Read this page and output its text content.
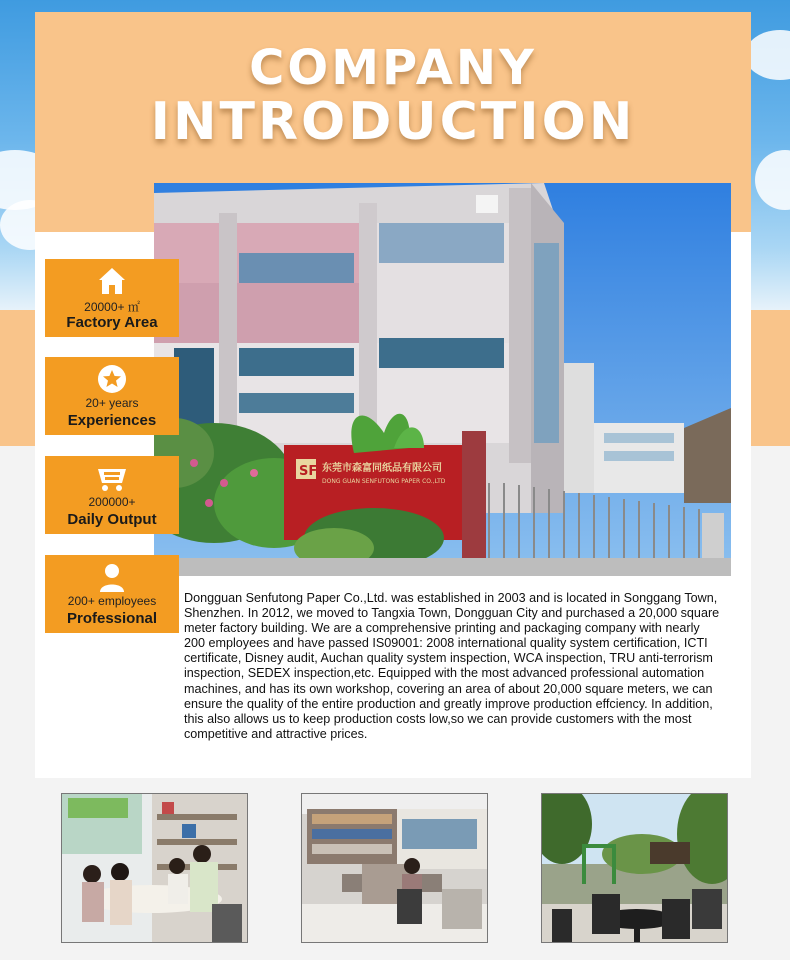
COMPANY
INTRODUCTION
SF 东莞市森富同纸品有限公司
DONG GUAN SENFUTONG PAPER CO.,LTD
20000+ ㎡
Factory Area
20+ years
Experiences
200000+
Daily Output
200+ employees
Professional
Dongguan Senfutong Paper Co.,Ltd. was established in 2003 and is located in Songgang Town, Shenzhen. In 2012, we moved to Tangxia Town, Dongguan City and purchased a 20,000 square meter factory building. We are a comprehensive printing and packaging company with nearly 200 employees and have passed IS09001: 2008 international quality system certification, ICTI certificate, Disney audit, Auchan quality system inspection, WCA inspection, TRU anti-terrorism inspection, SEDEX inspection,etc. Equipped with the most advanced professional automation machines, and has its own workshop, covering an area of about 20,000 square meters, we can ensure the quality of the entire production and greatly improve production effciency. In addition, this also allows us to keep production costs low,so we can provide customers with the most competitive and attractive prices.
